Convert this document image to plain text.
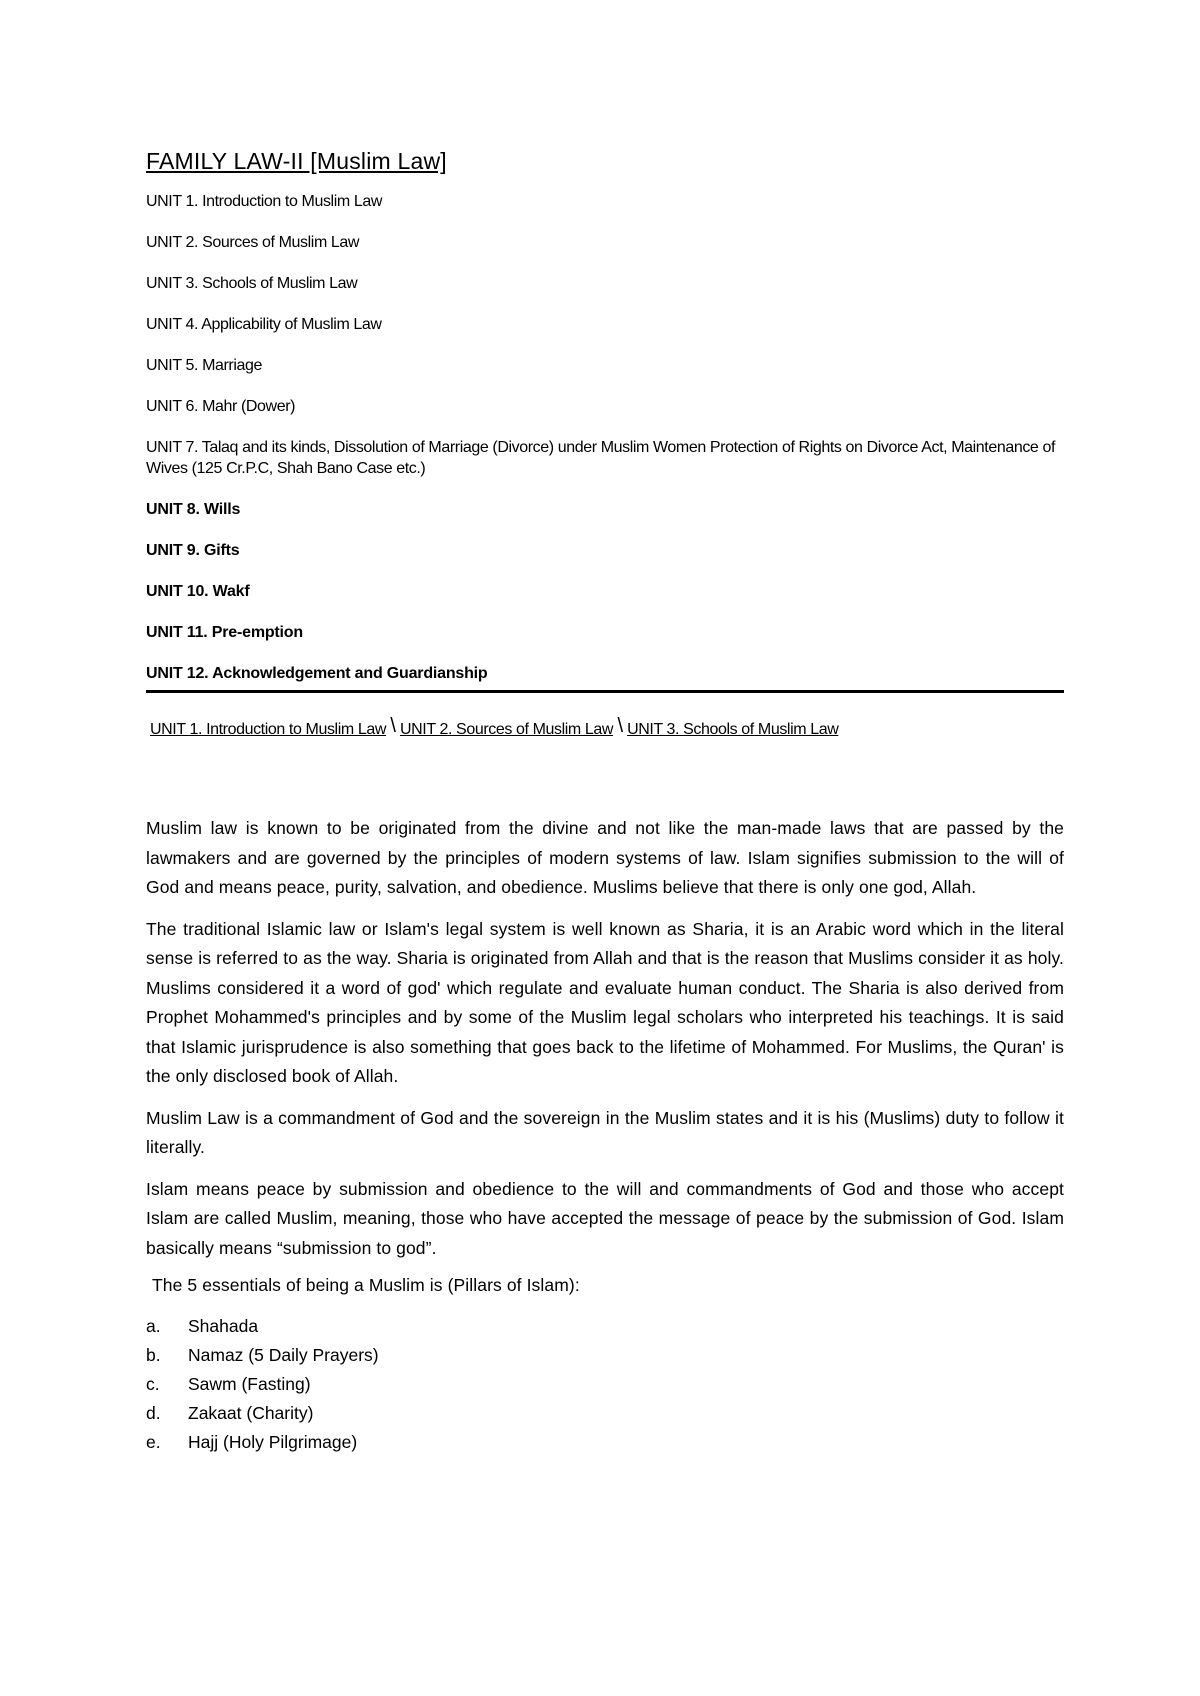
FAMILY LAW-II [Muslim Law]
UNIT 1. Introduction to Muslim Law
UNIT 2. Sources of Muslim Law
UNIT 3. Schools of Muslim Law
UNIT 4. Applicability of Muslim Law
UNIT 5. Marriage
UNIT 6. Mahr (Dower)
UNIT 7. Talaq and its kinds, Dissolution of Marriage (Divorce) under Muslim Women Protection of Rights on Divorce Act, Maintenance of Wives (125 Cr.P.C, Shah Bano Case etc.)
UNIT 8. Wills
UNIT 9. Gifts
UNIT 10. Wakf
UNIT 11. Pre-emption
UNIT 12. Acknowledgement and Guardianship
UNIT 1. Introduction to Muslim Law \ UNIT 2. Sources of Muslim Law \ UNIT 3. Schools of Muslim Law

Muslim law is known to be originated from the divine and not like the man-made laws that are passed by the lawmakers and are governed by the principles of modern systems of law. Islam signifies submission to the will of God and means peace, purity, salvation, and obedience. Muslims believe that there is only one god, Allah.

The traditional Islamic law or Islam's legal system is well known as Sharia, it is an Arabic word which in the literal sense is referred to as the way. Sharia is originated from Allah and that is the reason that Muslims consider it as holy. Muslims considered it a word of god' which regulate and evaluate human conduct. The Sharia is also derived from Prophet Mohammed's principles and by some of the Muslim legal scholars who interpreted his teachings. It is said that Islamic jurisprudence is also something that goes back to the lifetime of Mohammed. For Muslims, the Quran' is the only disclosed book of Allah.

Muslim Law is a commandment of God and the sovereign in the Muslim states and it is his (Muslims) duty to follow it literally.

Islam means peace by submission and obedience to the will and commandments of God and those who accept Islam are called Muslim, meaning, those who have accepted the message of peace by the submission of God. Islam basically means “submission to god”.

The 5 essentials of being a Muslim is (Pillars of Islam):

a.	Shahada
b.	Namaz (5 Daily Prayers)
c.	Sawm (Fasting)
d.	Zakaat (Charity)
e.	Hajj (Holy Pilgrimage)
